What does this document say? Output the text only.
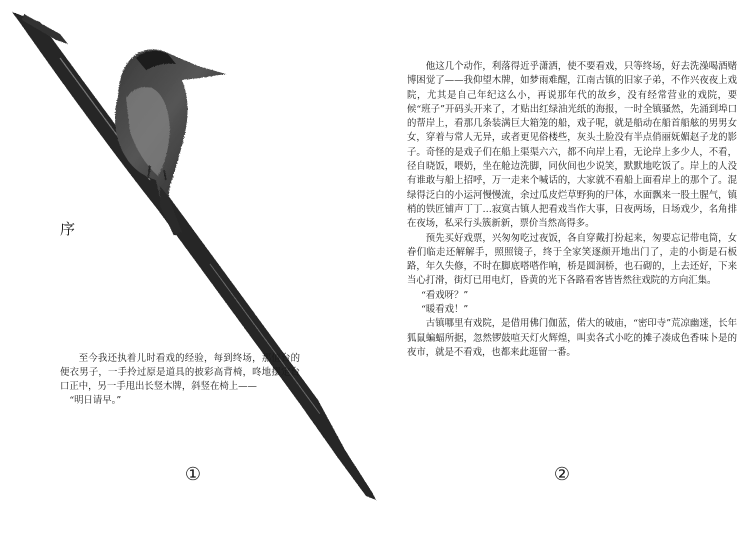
序

至今我还执着儿时看戏的经验，每到终场，那值台的便衣男子，一手拎过原是道具的披彩高背椅，咚地摆定台口正中，另一手甩出长竖木牌，斜竖在椅上——

“明日请早。”

①

他这几个动作，利落得近乎潇洒，使不要看戏，只等终场，好去洗澡喝酒赌博困觉了——我仰望木牌，如梦雨难醒，江南古镇的旧家子弟，不作兴夜夜上戏院，尤其是自己年纪这么小，再说那年代的故乡，没有经常营业的戏院，要候“班子”开码头开来了，才贴出红绿油光纸的海报，一时全镇骚然，先涌到埠口的帮岸上，看那几条装满巨大箱笼的船，戏子呢，就是船动在船首船舷的男男女女，穿着与常人无异，或者更见俗楼些，灰头土脸没有半点俏丽妩媚赵子龙的影子。奇怪的是戏子们在船上渠渠六六，都不向岸上看，无论岸上多少人，不看，径自晓饭，喂奶，坐在舱边洗脚，同伙间也少说笑，默默地吃饭了。岸上的人没有谁敢与船上招呼，万一走来个喊话的，大家就不看船上面看岸上的那个了。混绿得泛白的小运河慢慢流，余过瓜皮烂草野狗的尸体，水面飘来一股土腥气，镇梢的铁匠铺声丁丁…寂寞古镇人把看戏当作大事，日夜两场，日场戏少，名角排在夜场，私采行头簇新新，票价当然高得多。

预先买好戏票，兴匆匆吃过夜饭，各自穿戴打扮起来，匆要忘记带电筒，女眷们临走还解解手，照照镜子，终于全家笑逐颜开地出门了，走的小街是石板路，年久失修，不时在脚底嗒嗒作响，桥是圆洞桥，也石砌的，上去还好，下来当心打滑，街灯已用电灯，昏黄的光下各路看客皆皆然往戏院的方向汇集。

“看戏呀？”

“暖看戏！”

古镇哪里有戏院，是借用佛门伽蓝，偌大的破庙，“密印寺”荒凉幽迷，长年狐鼠蝙蝠所据，忽然锣鼓喧天灯火辉煌，叫卖各式小吃的摊子凑成色香味卜是的夜市，就是不看戏，也都来此逛留一番。

②
